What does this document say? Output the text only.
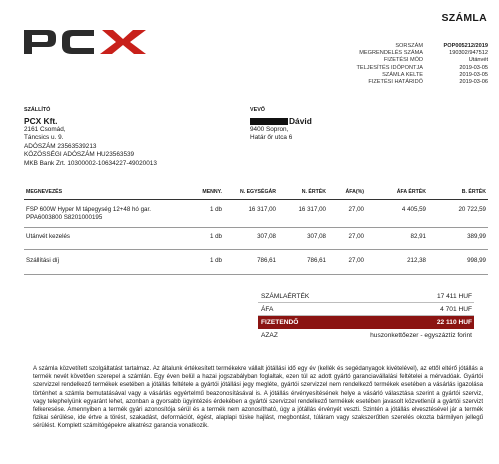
SZÁMLA
SORSZÁM	POP005212/2019
MEGRENDELÉS SZÁMA	190302/947512
FIZETÉSI MÓD	Utánvét
TELJESÍTÉS IDŐPONTJA	2019-03-05
SZÁMLA KELTE	2019-03-05
FIZETÉSI HATÁRIDŐ	2019-03-06
SZÁLLÍTÓ
PCX Kft.
2161 Csomád,
Táncsics u. 9.
ADÓSZÁM 23563539213
KÖZÖSSÉGI ADÓSZÁM HU23563539
MKB Bank Zrt. 10300002-10634227-49020013
VEVŐ
Dávid
9400 Sopron,
Határ őr utca 6
MEGNEVEZÉS	MENNY.	N. EGYSÉGÁR	N. ÉRTÉK	ÁFA(%)	ÁFA ÉRTÉK	B. ÉRTÉK

FSP 600W Hyper M tápegység 12+48 hó gar.
PPA6003800 S8201000195	1 db	16 317,00	16 317,00	27,00	4 405,59	20 722,59
Utánvét kezelés	1 db	307,08	307,08	27,00	82,91	389,99
Szállítási díj	1 db	786,61	786,61	27,00	212,38	998,99
SZÁMLAÉRTÉK	17 411 HUF
ÁFA	4 701 HUF
FIZETENDŐ	22 110 HUF
AZAZ	huszonkettőezer - egyszáztíz forint
A számla közvetített szolgáltatást tartalmaz. Az általunk értékesített termékekre vállalt jótállási idő egy év (kellék és segédanyagok kivételével), az ettől eltérő jótállás a termék nevét követően szerepel a számlán. Egy éven belül a hazai jogszabályban foglaltak, ezen túl az adott gyártó garanciavállalási feltételei a mérvadóak. Gyártói szervizzel rendelkező termékek esetében a jótállás feltétele a gyártói jótállási jegy megléte, gyártói szervizzel nem rendelkező termékek esetében a vásárlás igazolása történhet a számla bemutatásával vagy a vásárlás egyértelmű beazonosításával is. A jótállás érvényesítésének helye a vásárló választása szerint a gyártói szerviz, vagy telephelyünk egyaránt lehet, azonban a gyorsabb ügyintézés érdekében a gyártói szervizzel rendelkező termékek esetében javasolt közvetlenül a gyártói szervizt felkeresése. Amennyiben a termék gyári azonosítója sérül és a termék nem azonosítható, úgy a jótállás érvényét veszti. Szintén a jótállás elvesztésével jár a termék fizikai sérülése, ide értve a törést, szakadást, deformációt, égést, alaplapi tüske hajlást, megbontást, túláram vagy szakszerűtlen szerelés okozta bármilyen jellegű sérülést. Komplett számítógépekre alkatrész garancia vonatkozik.
